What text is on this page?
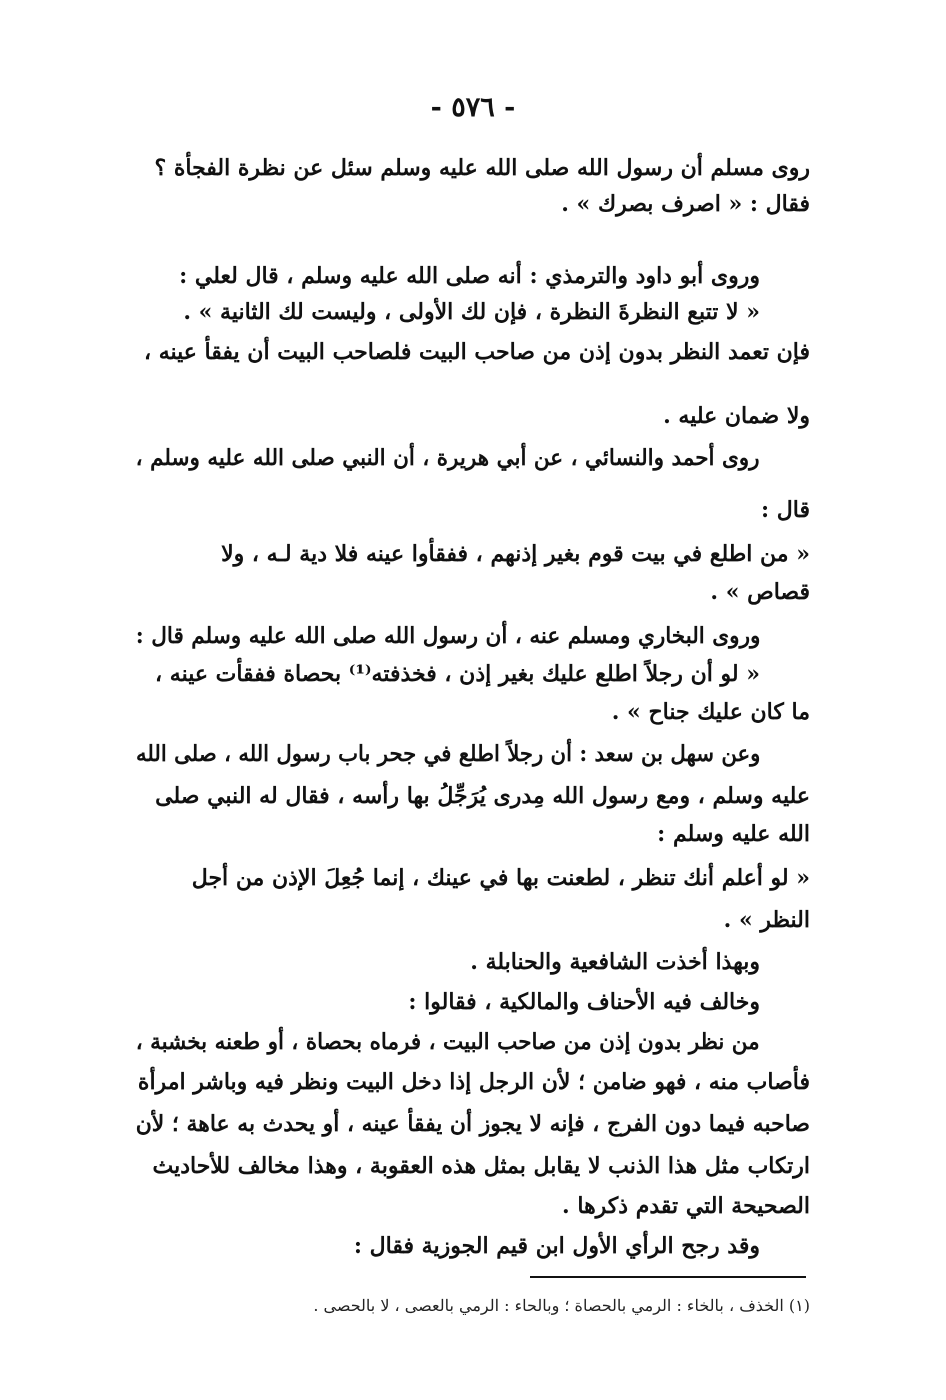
- ٥٧٦ -
روى مسلم أن رسول الله صلى الله عليه وسلم سئل عن نظرة الفجأة ؟
فقال : « اصرف بصرك » .
وروى أبو داود والترمذي : أنه صلى الله عليه وسلم ، قال لعلي :
« لا تتبع النظرةَ النظرة ، فإن لك الأولى ، وليست لك الثانية » .
فإن تعمد النظر بدون إذن من صاحب البيت فلصاحب البيت أن يفقأ عينه ،
ولا ضمان عليه .
روى أحمد والنسائي ، عن أبي هريرة ، أن النبي صلى الله عليه وسلم ،
قال :
« من اطلع في بيت قوم بغير إذنهم ، ففقأوا عينه فلا دية لـه ، ولا
قصاص » .
وروى البخاري ومسلم عنه ، أن رسول الله صلى الله عليه وسلم قال :
« لو أن رجلاً اطلع عليك بغير إذن ، فخذفته⁽¹⁾ بحصاة ففقأت عينه ،
ما كان عليك جناح » .
وعن سهل بن سعد : أن رجلاً اطلع في جحر باب رسول الله ، صلى الله
عليه وسلم ، ومع رسول الله مِدرى يُرَجِّلُ بها رأسه ، فقال له النبي صلى
الله عليه وسلم :
« لو أعلم أنك تنظر ، لطعنت بها في عينك ، إنما جُعِلَ الإذن من أجل
النظر » .
وبهذا أخذت الشافعية والحنابلة .
وخالف فيه الأحناف والمالكية ، فقالوا :
من نظر بدون إذن من صاحب البيت ، فرماه بحصاة ، أو طعنه بخشبة ،
فأصاب منه ، فهو ضامن ؛ لأن الرجل إذا دخل البيت ونظر فيه وباشر امرأة
صاحبه فيما دون الفرج ، فإنه لا يجوز أن يفقأ عينه ، أو يحدث به عاهة ؛ لأن
ارتكاب مثل هذا الذنب لا يقابل بمثل هذه العقوبة ، وهذا مخالف للأحاديث
الصحيحة التي تقدم ذكرها .
وقد رجح الرأي الأول ابن قيم الجوزية فقال :
(١) الخذف ، بالخاء : الرمي بالحصاة ؛ وبالحاء : الرمي بالعصى ، لا بالحصى .
